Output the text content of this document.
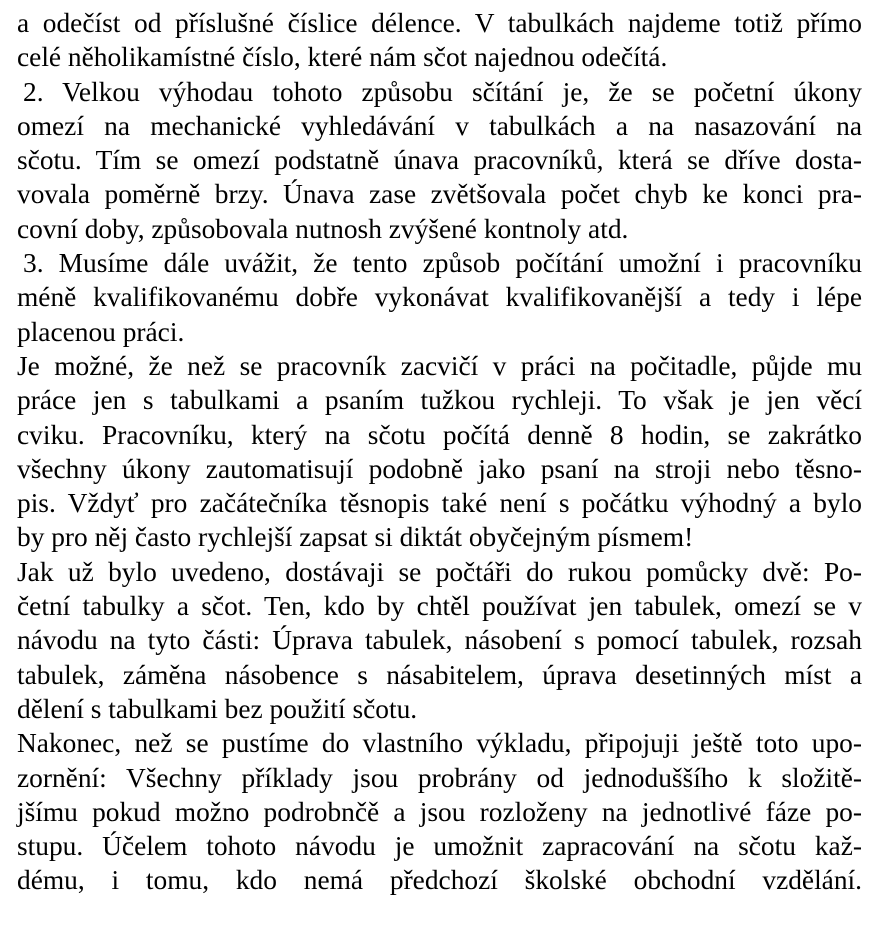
a odečíst od příslušné číslice délence. V tabulkách najdeme totiž přímo
celé něholikamístné číslo, které nám sčot najednou odečítá.
2. Velkou výhodau tohoto způsobu sčítání je, že se početní úkony
omezí na mechanické vyhledávání v tabulkách a na nasazování na
sčotu. Tím se omezí podstatně únava pracovníků, která se dříve dosta-
vovala poměrně brzy. Únava zase zvětšovala počet chyb ke konci pra-
covní doby, způsobovala nutnosh zvýšené kontnoly atd.
3. Musíme dále uvážit, že tento způsob počítání umožní i pracovníku
méně kvalifikovanému dobře vykonávat kvalifikovanější a tedy i lépe
placenou práci.
Je možné, že než se pracovník zacvičí v práci na počitadle, půjde mu
práce jen s tabulkami a psaním tužkou rychleji. To však je jen věcí
cviku. Pracovníku, který na sčotu počítá denně 8 hodin, se zakrátko
všechny úkony zautomatisují podobně jako psaní na stroji nebo těsno-
pis. Vždyť pro začátečníka těsnopis také není s počátku výhodný a bylo
by pro něj často rychlejší zapsat si diktát obyčejným písmem!
Jak už bylo uvedeno, dostávaji se počtáři do rukou pomůcky dvě: Po-
četní tabulky a sčot. Ten, kdo by chtěl používat jen tabulek, omezí se v
návodu na tyto části: Úprava tabulek, násobení s pomocí tabulek, rozsah
tabulek, záměna násobence s násabitelem, úprava desetinných míst a
dělení s tabulkami bez použití sčotu.
Nakonec, než se pustíme do vlastního výkladu, připojuji ještě toto upo-
zornění: Všechny příklady jsou probrány od jednoduššího k složitě-
jšímu pokud možno podrobnčě a jsou rozloženy na jednotlivé fáze po-
stupu. Účelem tohoto návodu je umožnit zapracování na sčotu kaž-
dému, i tomu, kdo nemá předchozí školské obchodní vzdělání.
